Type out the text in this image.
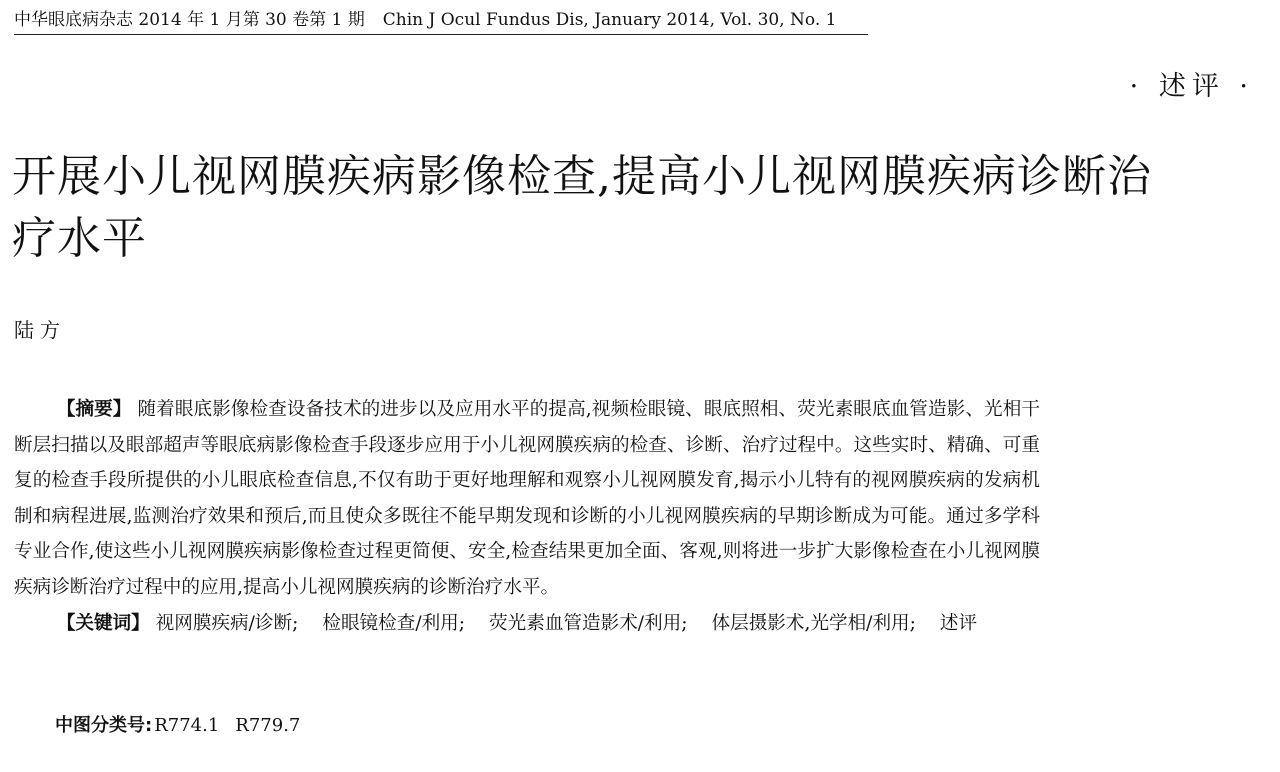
中华眼底病杂志 2014 年 1 月第 30 卷第 1 期 Chin J Ocul Fundus Dis, January 2014, Vol. 30, No. 1
· 述评 ·
开展小儿视网膜疾病影像检查,提高小儿视网膜疾病诊断治疗水平
陆方

【摘要】 随着眼底影像检查设备技术的进步以及应用水平的提高,视频检眼镜、眼底照相、荧光素眼底血管造影、光相干断层扫描以及眼部超声等眼底病影像检查手段逐步应用于小儿视网膜疾病的检查、诊断、治疗过程中。这些实时、精确、可重复的检查手段所提供的小儿眼底检查信息,不仅有助于更好地理解和观察小儿视网膜发育,揭示小儿特有的视网膜疾病的发病机制和病程进展,监测治疗效果和预后,而且使众多既往不能早期发现和诊断的小儿视网膜疾病的早期诊断成为可能。通过多学科专业合作,使这些小儿视网膜疾病影像检查过程更简便、安全,检查结果更加全面、客观,则将进一步扩大影像检查在小儿视网膜疾病诊断治疗过程中的应用,提高小儿视网膜疾病的诊断治疗水平。

【关键词】 视网膜疾病/诊断; 检眼镜检查/利用; 荧光素血管造影术/利用; 体层摄影术,光学相/利用; 述评

中图分类号: R774.1 R779.7
